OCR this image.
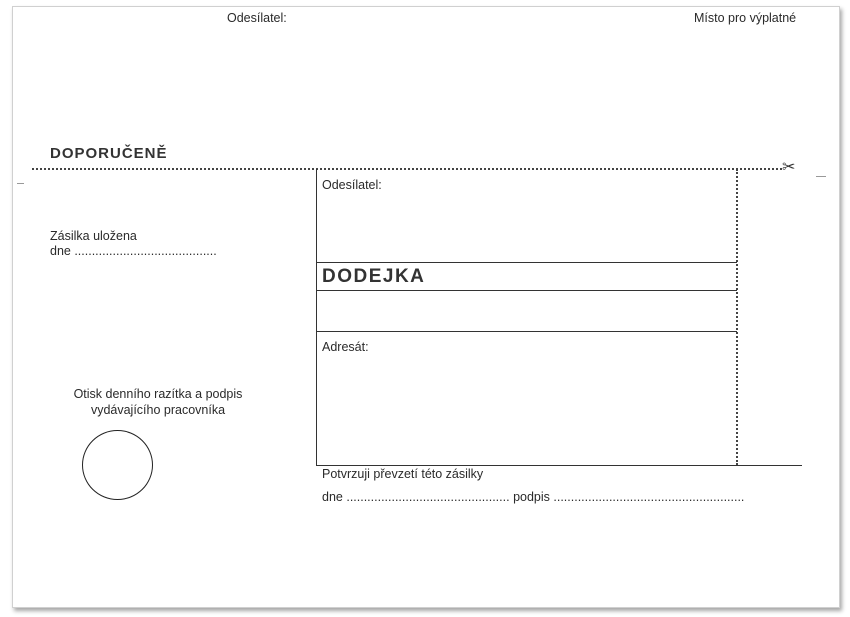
Odesílatel:	Místo pro výplatné
DOPORUČENĚ
✂
Zásilka uložena
dne .........................................
Otisk denního razítka a podpis
vydávajícího pracovníka
Odesílatel:
DODEJKA
Adresát:
Potvrzuji převzetí této zásilky
dne ............................................... podpis .......................................................
